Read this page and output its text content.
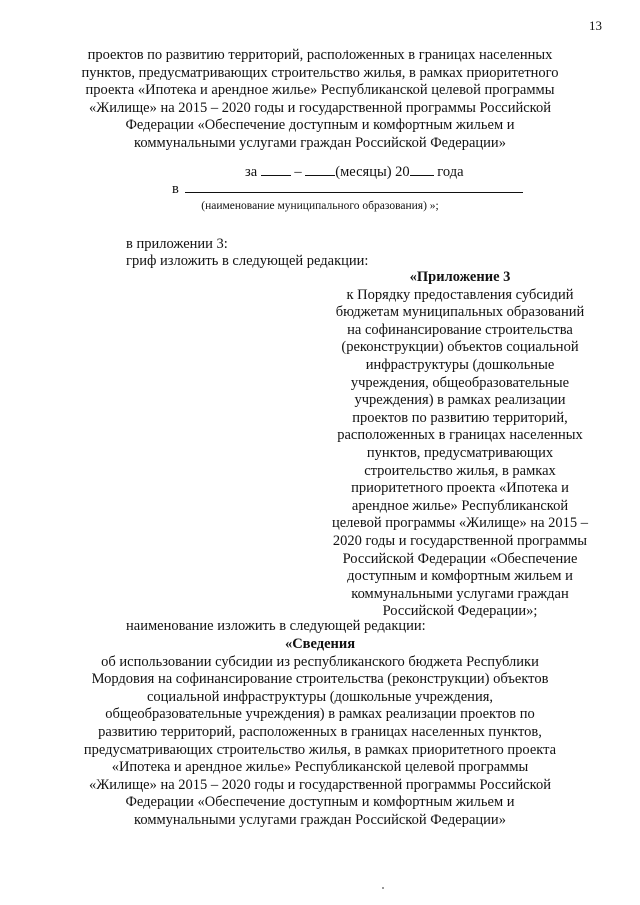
13
проектов по развитию территорий, расположенных в границах населенных
пунктов, предусматривающих строительство жилья, в рамках приоритетного
проекта «Ипотека и арендное жилье» Республиканской целевой программы
«Жилище» на 2015 – 2020 годы и государственной программы Российской
Федерации «Обеспечение доступным и комфортным жильем и
коммунальными услугами граждан Российской Федерации»
за	– (месяцы) 20 года
в
(наименование муниципального образования) »;
в приложении 3:
гриф изложить в следующей редакции:
«Приложение 3
к Порядку предоставления субсидий
бюджетам муниципальных образований
на софинансирование строительства
(реконструкции) объектов социальной
инфраструктуры (дошкольные
учреждения, общеобразовательные
учреждения) в рамках реализации
проектов по развитию территорий,
расположенных в границах населенных
пунктов, предусматривающих
строительство жилья, в рамках
приоритетного проекта «Ипотека и
арендное жилье» Республиканской
целевой программы «Жилище» на 2015 –
2020 годы и государственной программы
Российской Федерации «Обеспечение
доступным и комфортным жильем и
коммунальными услугами граждан
Российской Федерации»;
наименование изложить в следующей редакции:
«Сведения
об использовании субсидии из республиканского бюджета Республики
Мордовия на софинансирование строительства (реконструкции) объектов
социальной инфраструктуры (дошкольные учреждения,
общеобразовательные учреждения) в рамках реализации проектов по
развитию территорий, расположенных в границах населенных пунктов,
предусматривающих строительство жилья, в рамках приоритетного проекта
«Ипотека и арендное жилье» Республиканской целевой программы
«Жилище» на 2015 – 2020 годы и государственной программы Российской
Федерации «Обеспечение доступным и комфортным жильем и
коммунальными услугами граждан Российской Федерации»
